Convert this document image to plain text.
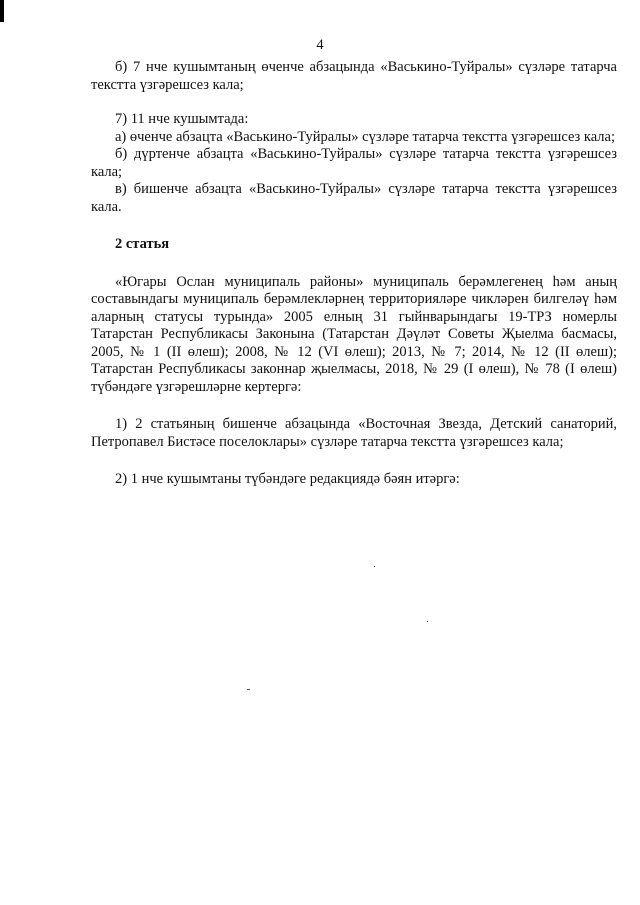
4

б) 7 нче кушымтаның өченче абзацында «Васькино-Туйралы» сүзләре татарча текстта үзгәрешсез кала;

7) 11 нче кушымтада:

а) өченче абзацта «Васькино-Туйралы» сүзләре татарча текстта үзгәрешсез кала;

б) дүртенче абзацта «Васькино-Туйралы» сүзләре татарча текстта үзгәрешсез кала;

в) бишенче абзацта «Васькино-Туйралы» сүзләре татарча текстта үзгәрешсез кала.

2 статья

«Югары Ослан муниципаль районы» муниципаль берәмлегенең һәм аның составындагы муниципаль берәмлекләрнең территорияләре чикләрен билгеләү һәм аларның статусы турында» 2005 елның 31 гыйнварындагы 19-ТРЗ номерлы Татарстан Республикасы Законына (Татарстан Дәүләт Советы Җыелма басмасы, 2005, № 1 (II өлеш); 2008, № 12 (VI өлеш); 2013, № 7; 2014, № 12 (II өлеш); Татарстан Республикасы законнар җыелмасы, 2018, № 29 (I өлеш), № 78 (I өлеш) түбәндәге үзгәрешләрне кертергә:

1) 2 статьяның бишенче абзацында «Восточная Звезда, Детский санаторий, Петропавел Бистәсе поселоклары» сүзләре татарча текстта үзгәрешсез кала;

2) 1 нче кушымтаны түбәндәге редакциядә бәян итәргә:
